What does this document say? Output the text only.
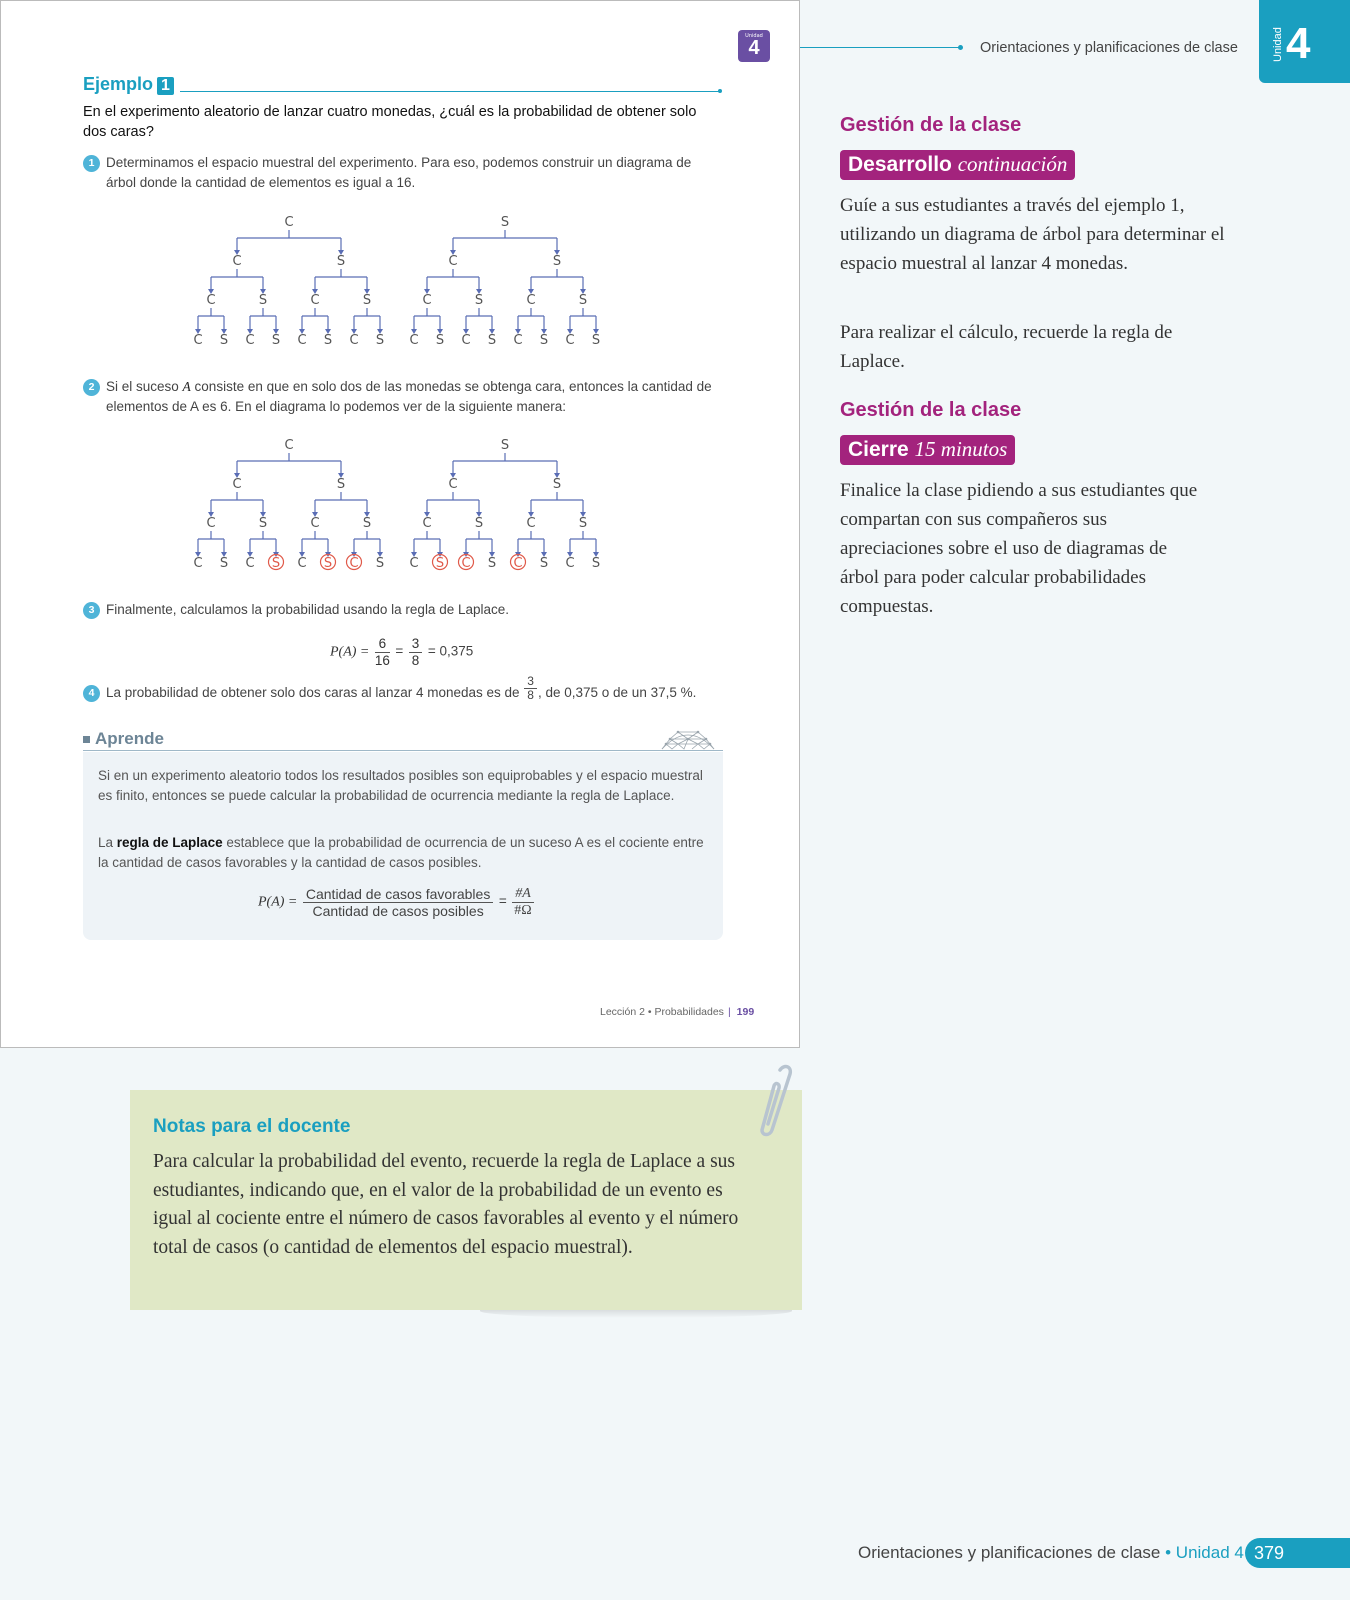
Unidad
4
Ejemplo 1
En el experimento aleatorio de lanzar cuatro monedas, ¿cuál es la probabilidad de obtener solo dos caras?
1 Determinamos el espacio muestral del experimento. Para eso, podemos construir un diagrama de árbol donde la cantidad de elementos es igual a 16.
C	S
C	S	C	S
C	S	C	S	C	S	C	S
C S C S C S C S C S C S C S C S
2 Si el suceso A consiste en que en solo dos de las monedas se obtenga cara, entonces la cantidad de elementos de A es 6. En el diagrama lo podemos ver de la siguiente manera:
C	S
C	S	C	S
C	S	C	S	C	S	C	S
C S C S C S C S C S C S C S C S
3 Finalmente, calculamos la probabilidad usando la regla de Laplace.
$P(A) = \frac{6}{16} = \frac{3}{8} = 0,375$
4 La probabilidad de obtener solo dos caras al lanzar 4 monedas es de $\frac{3}{8}$ , de 0,375 o de un 37,5 %.
Aprende
Si en un experimento aleatorio todos los resultados posibles son equiprobables y el espacio muestral es finito, entonces se puede calcular la probabilidad de ocurrencia mediante la regla de Laplace.
La regla de Laplace establece que la probabilidad de ocurrencia de un suceso A es el cociente entre la cantidad de casos favorables y la cantidad de casos posibles.
$P(A) = \frac{\text{Cantidad de casos favorables}}{\text{Cantidad de casos posibles}} = \frac{\#A}{\#\Omega}$
Lección 2 • Probabilidades | 199
Orientaciones y planificaciones de clase	Unidad 4
Gestión de la clase
Desarrollo continuación
Guíe a sus estudiantes a través del ejemplo 1, utilizando un diagrama de árbol para determinar el espacio muestral al lanzar 4 monedas.
Para realizar el cálculo, recuerde la regla de Laplace.
Gestión de la clase
Cierre 15 minutos
Finalice la clase pidiendo a sus estudiantes que compartan con sus compañeros sus apreciaciones sobre el uso de diagramas de árbol para poder calcular probabilidades compuestas.
Notas para el docente
Para calcular la probabilidad del evento, recuerde la regla de Laplace a sus estudiantes, indicando que, en el valor de la probabilidad de un evento es igual al cociente entre el número de casos favorables al evento y el número total de casos (o cantidad de elementos del espacio muestral).
Orientaciones y planificaciones de clase • Unidad 4 379
